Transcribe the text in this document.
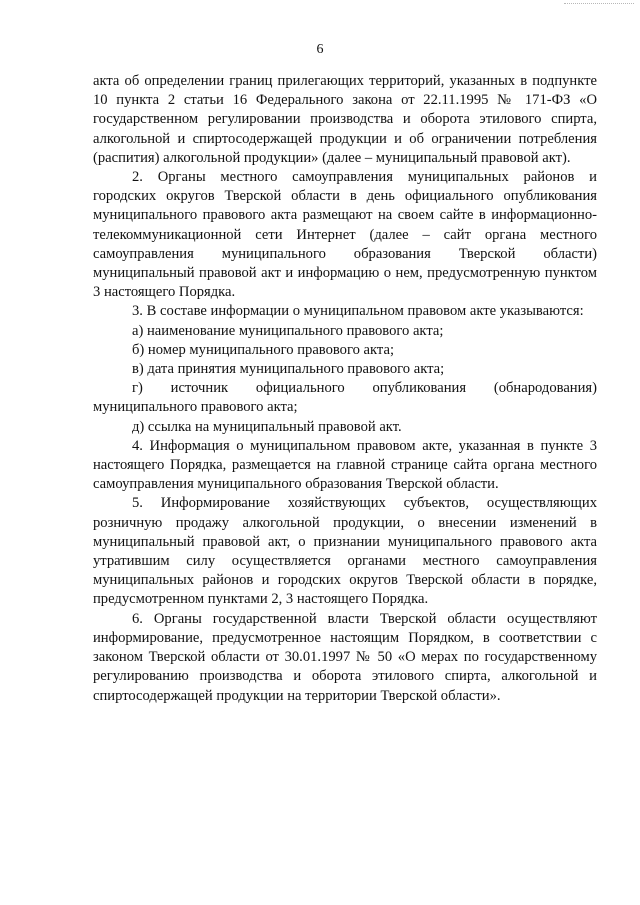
6

акта об определении границ прилегающих территорий, указанных в подпункте 10 пункта 2 статьи 16 Федерального закона от 22.11.1995 № 171-ФЗ «О государственном регулировании производства и оборота этилового спирта, алкогольной и спиртосодержащей продукции и об ограничении потребления (распития) алкогольной продукции» (далее – муниципальный правовой акт).

2. Органы местного самоуправления муниципальных районов и городских округов Тверской области в день официального опубликования муниципального правового акта размещают на своем сайте в информационно-телекоммуникационной сети Интернет (далее – сайт органа местного самоуправления муниципального образования Тверской области) муниципальный правовой акт и информацию о нем, предусмотренную пунктом 3 настоящего Порядка.

3. В составе информации о муниципальном правовом акте указываются:

а) наименование муниципального правового акта;

б) номер муниципального правового акта;

в) дата принятия муниципального правового акта;

г) источник официального опубликования (обнародования) муниципального правового акта;

д) ссылка на муниципальный правовой акт.

4. Информация о муниципальном правовом акте, указанная в пункте 3 настоящего Порядка, размещается на главной странице сайта органа местного самоуправления муниципального образования Тверской области.

5. Информирование хозяйствующих субъектов, осуществляющих розничную продажу алкогольной продукции, о внесении изменений в муниципальный правовой акт, о признании муниципального правового акта утратившим силу осуществляется органами местного самоуправления муниципальных районов и городских округов Тверской области в порядке, предусмотренном пунктами 2, 3 настоящего Порядка.

6. Органы государственной власти Тверской области осуществляют информирование, предусмотренное настоящим Порядком, в соответствии с законом Тверской области от 30.01.1997 № 50 «О мерах по государственному регулированию производства и оборота этилового спирта, алкогольной и спиртосодержащей продукции на территории Тверской области».
